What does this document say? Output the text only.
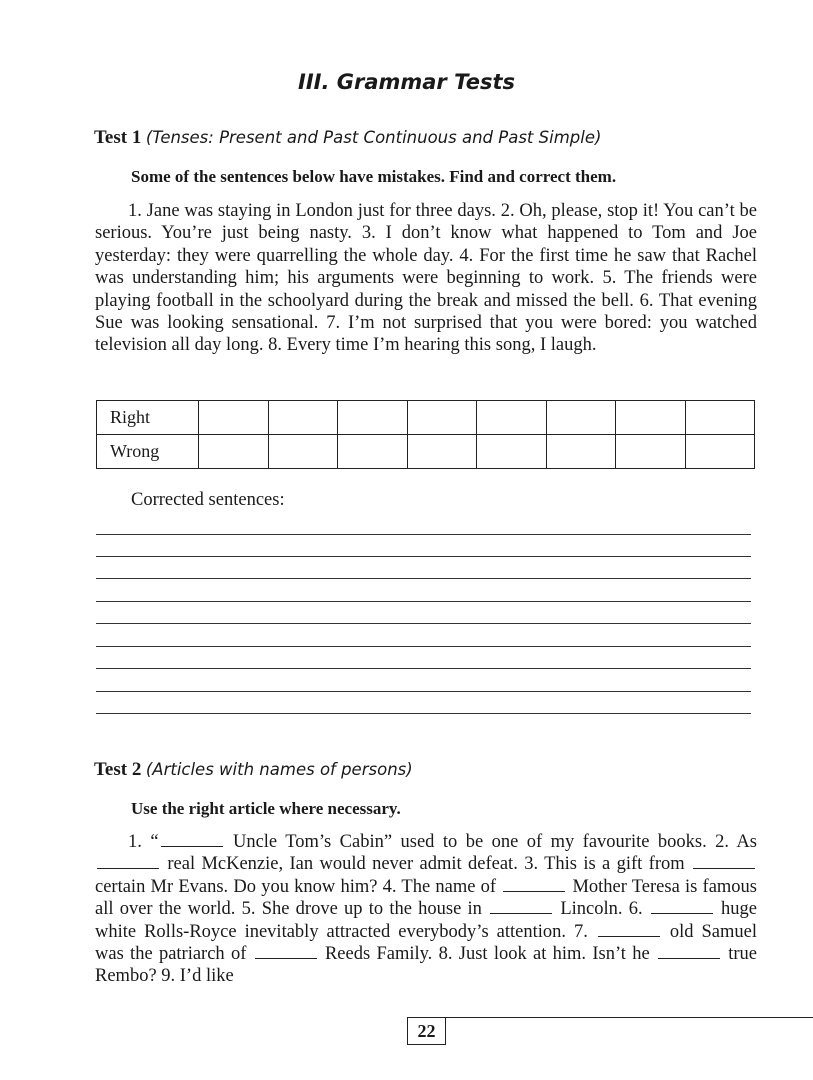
III. Grammar Tests
Test 1 (Tenses: Present and Past Continuous and Past Simple)
Some of the sentences below have mistakes. Find and correct them.
1. Jane was staying in London just for three days. 2. Oh, please, stop it! You can’t be serious. You’re just being nasty. 3. I don’t know what happened to Tom and Joe yesterday: they were quarrelling the whole day. 4. For the first time he saw that Rachel was understanding him; his arguments were beginning to work. 5. The friends were playing football in the schoolyard during the break and missed the bell. 6. That evening Sue was looking sensational. 7. I’m not surprised that you were bored: you watched television all day long. 8. Every time I’m hearing this song, I laugh.
Right								
Wrong								
Corrected sentences:
Test 2 (Articles with names of persons)
Use the right article where necessary.
1. “	Uncle Tom’s Cabin” used to be one of my favourite books. 2. As  real McKenzie, Ian would never admit defeat. 3. This is a gift from  certain Mr Evans. Do you know him? 4. The name of	Mother Teresa is famous all over the world. 5. She drove up to the house in	Lincoln. 6.	huge white Rolls-Royce inevitably attracted everybody’s attention. 7.	old Samuel was the patriarch of	Reeds Family. 8. Just look at him. Isn’t he	true Rembo? 9. I’d like
22
